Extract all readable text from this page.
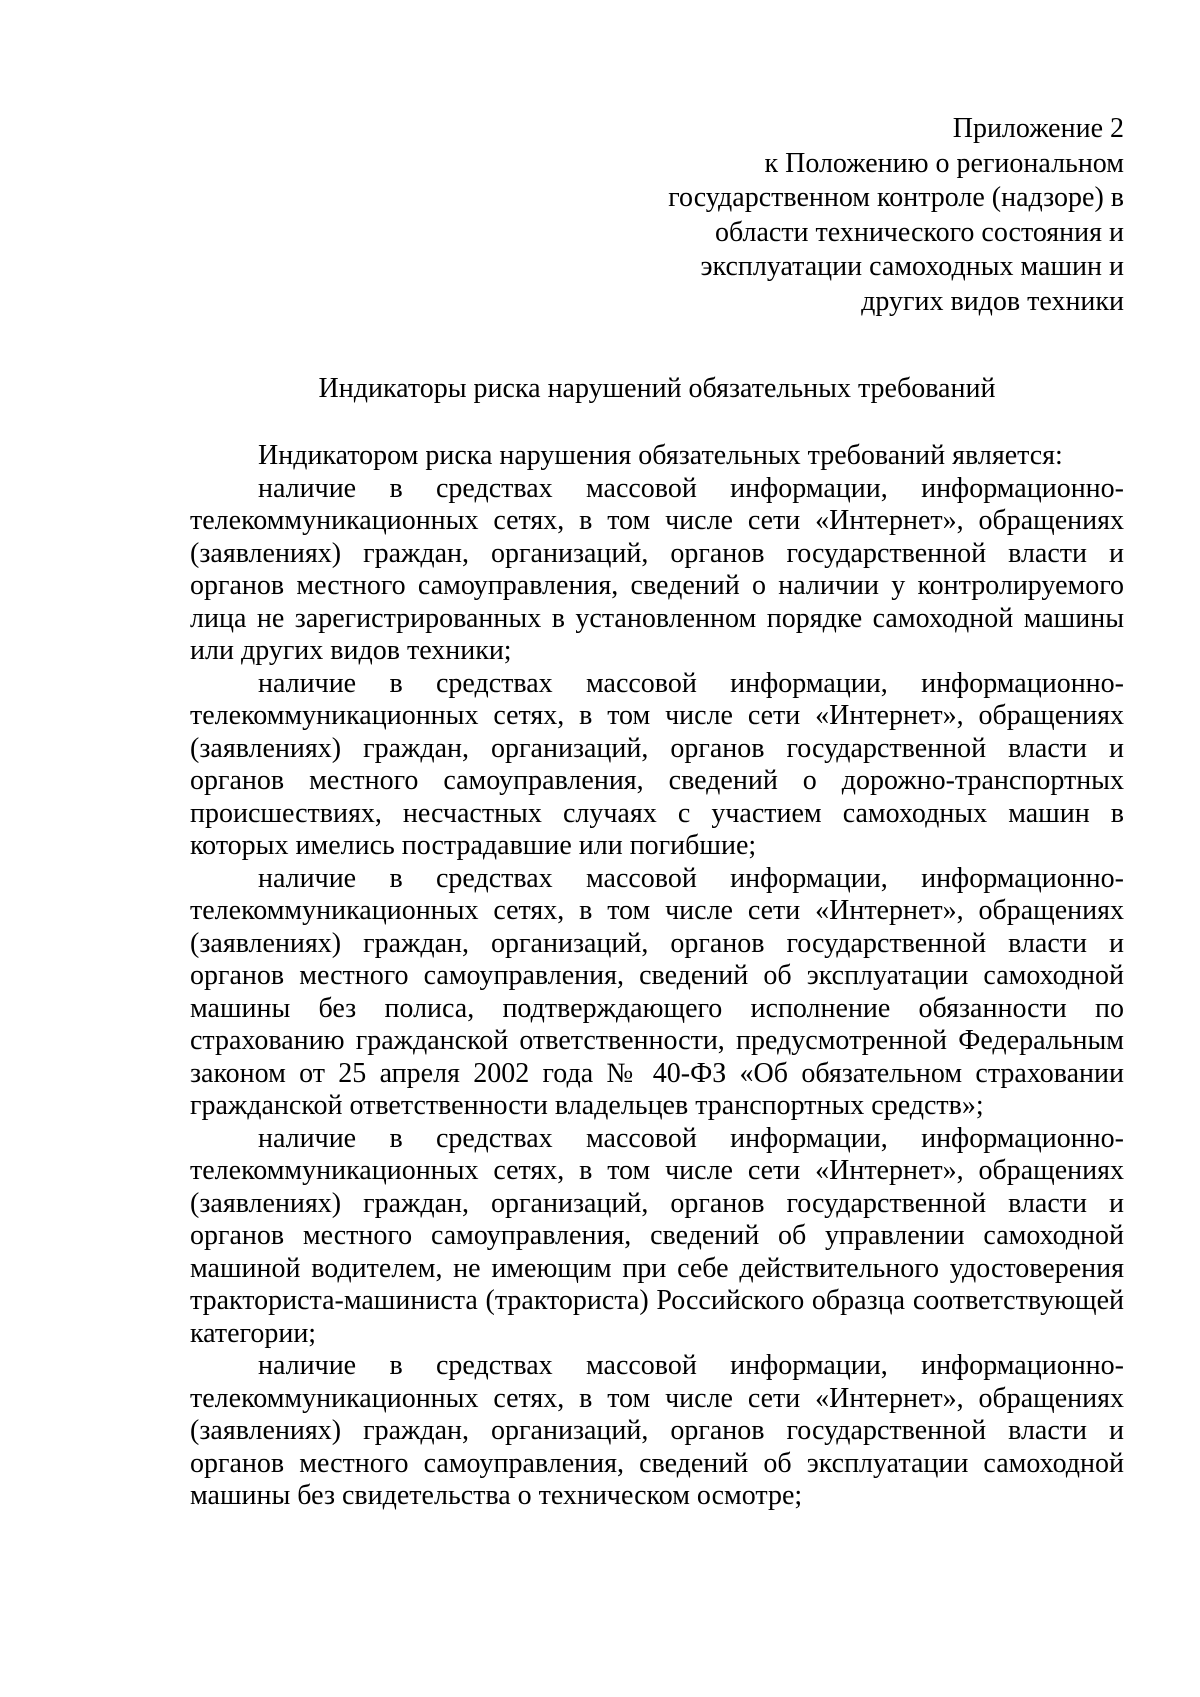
Приложение 2
к Положению о региональном
государственном контроле (надзоре) в
области технического состояния и
эксплуатации самоходных машин и
других видов техники
Индикаторы риска нарушений обязательных требований

Индикатором риска нарушения обязательных требований является:

наличие в средствах массовой информации, информационно-телекоммуникационных сетях, в том числе сети «Интернет», обращениях (заявлениях) граждан, организаций, органов государственной власти и органов местного самоуправления, сведений о наличии у контролируемого лица не зарегистрированных в установленном порядке самоходной машины или других видов техники;

наличие в средствах массовой информации, информационно-телекоммуникационных сетях, в том числе сети «Интернет», обращениях (заявлениях) граждан, организаций, органов государственной власти и органов местного самоуправления, сведений о дорожно-транспортных происшествиях, несчастных случаях с участием самоходных машин в которых имелись пострадавшие или погибшие;

наличие в средствах массовой информации, информационно-телекоммуникационных сетях, в том числе сети «Интернет», обращениях (заявлениях) граждан, организаций, органов государственной власти и органов местного самоуправления, сведений об эксплуатации самоходной машины без полиса, подтверждающего исполнение обязанности по страхованию гражданской ответственности, предусмотренной Федеральным законом от 25 апреля 2002 года № 40-ФЗ «Об обязательном страховании гражданской ответственности владельцев транспортных средств»;

наличие в средствах массовой информации, информационно-телекоммуникационных сетях, в том числе сети «Интернет», обращениях (заявлениях) граждан, организаций, органов государственной власти и органов местного самоуправления, сведений об управлении самоходной машиной водителем, не имеющим при себе действительного удостоверения тракториста-машиниста (тракториста) Российского образца соответствующей категории;

наличие в средствах массовой информации, информационно-телекоммуникационных сетях, в том числе сети «Интернет», обращениях (заявлениях) граждан, организаций, органов государственной власти и органов местного самоуправления, сведений об эксплуатации самоходной машины без свидетельства о техническом осмотре;
